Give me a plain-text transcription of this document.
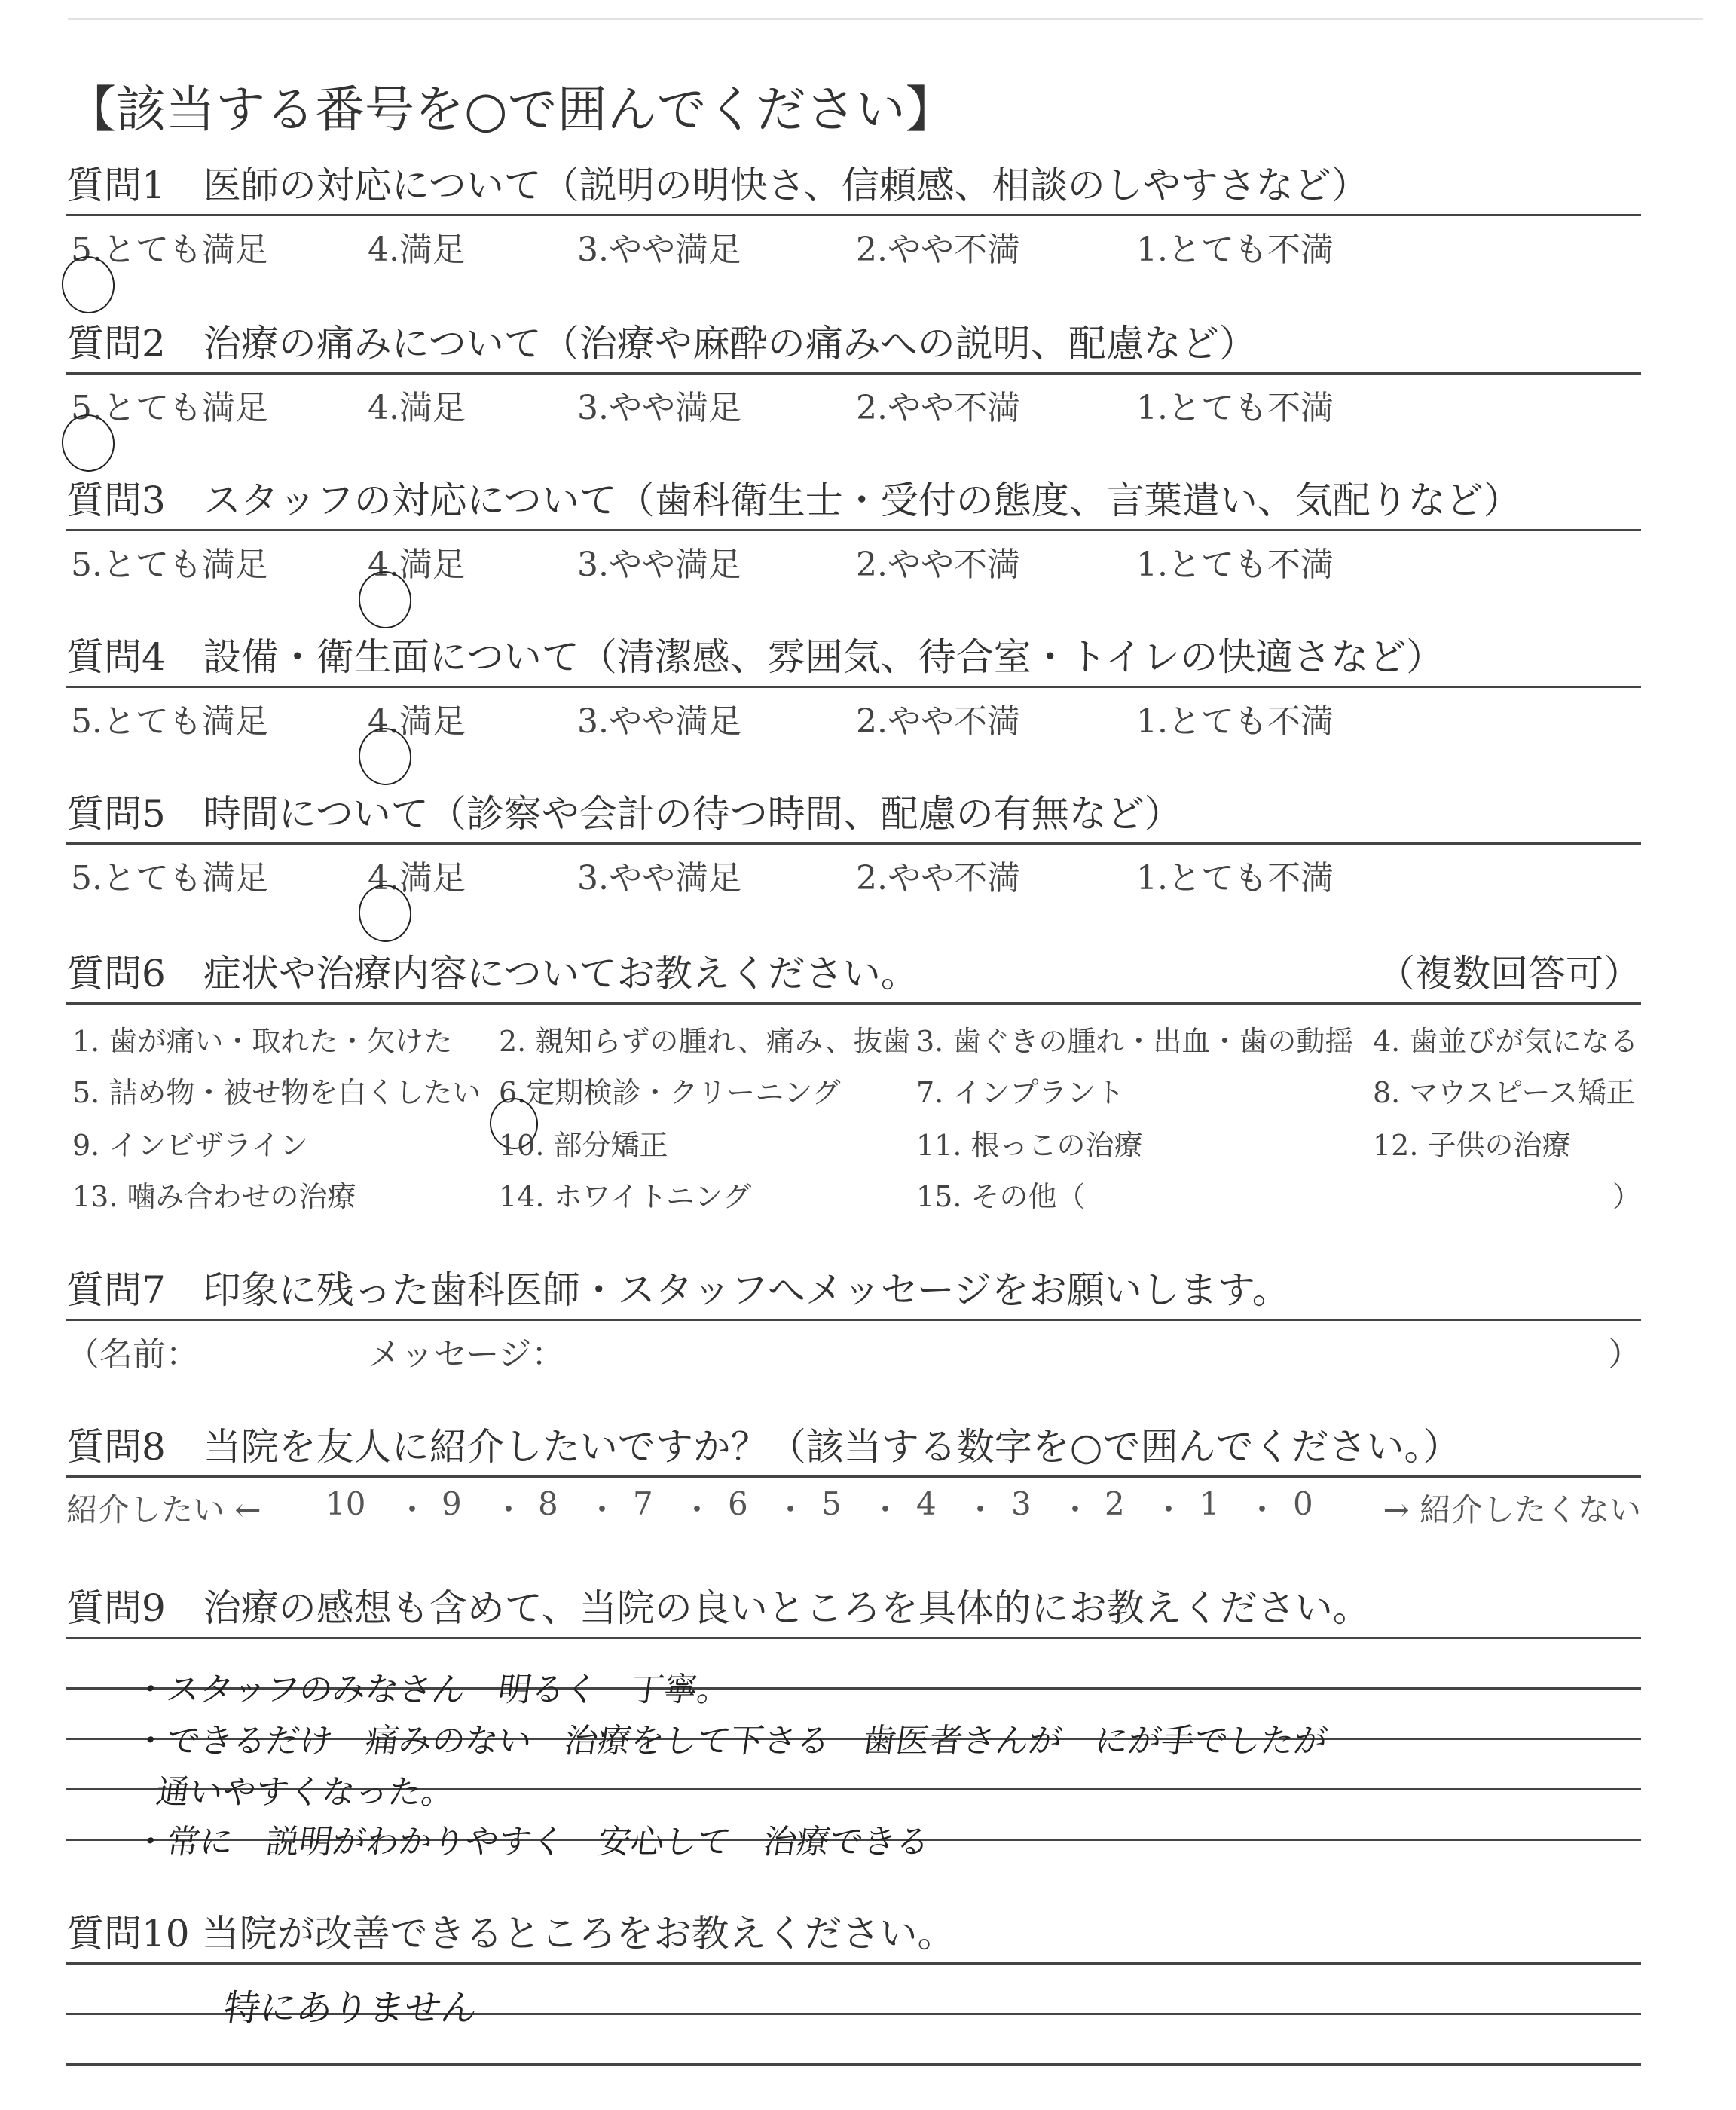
【該当する番号を○で囲んでください】
質問1　医師の対応について（説明の明快さ、信頼感、相談のしやすさなど）
5.とても満足	4.満足	3.やや満足	2.やや不満	1.とても不満
質問2　治療の痛みについて（治療や麻酔の痛みへの説明、配慮など）
5.とても満足	4.満足	3.やや満足	2.やや不満	1.とても不満
質問3　スタッフの対応について（歯科衛生士・受付の態度、言葉遣い、気配りなど）
5.とても満足	4.満足	3.やや満足	2.やや不満	1.とても不満
質問4　設備・衛生面について（清潔感、雰囲気、待合室・トイレの快適さなど）
5.とても満足	4.満足	3.やや満足	2.やや不満	1.とても不満
質問5　時間について（診察や会計の待つ時間、配慮の有無など）
5.とても満足	4.満足	3.やや満足	2.やや不満	1.とても不満
質問6　症状や治療内容についてお教えください。	（複数回答可）
1. 歯が痛い・取れた・欠けた 2. 親知らずの腫れ、痛み、抜歯 3. 歯ぐきの腫れ・出血・歯の動揺 4. 歯並びが気になる
5. 詰め物・被せ物を白くしたい 6.定期検診・クリーニング	7. インプラント	8. マウスピース矯正
9. インビザライン	10. 部分矯正	11. 根っこの治療	12. 子供の治療
13. 噛み合わせの治療	14. ホワイトニング	15. その他（	）
質問7　印象に残った歯科医師・スタッフへメッセージをお願いします。
（名前：	メッセージ：	）
質問8　当院を友人に紹介したいですか？（該当する数字を○で囲んでください。）
紹介したい ← 10 ・ 9 ・ 8 ・ 7 ・ 6 ・ 5 ・ 4 ・ 3 ・ 2 ・ 1 ・ 0 → 紹介したくない
質問9　治療の感想も含めて、当院の良いところを具体的にお教えください。
・スタッフのみなさん　明るく　丁寧。
・できるだけ　痛みのない　治療をして下さる　歯医者さんが　にが手でしたが
通いやすくなった。
・常に　説明がわかりやすく　安心して　治療できる
質問10 当院が改善できるところをお教えください。
特にありません
